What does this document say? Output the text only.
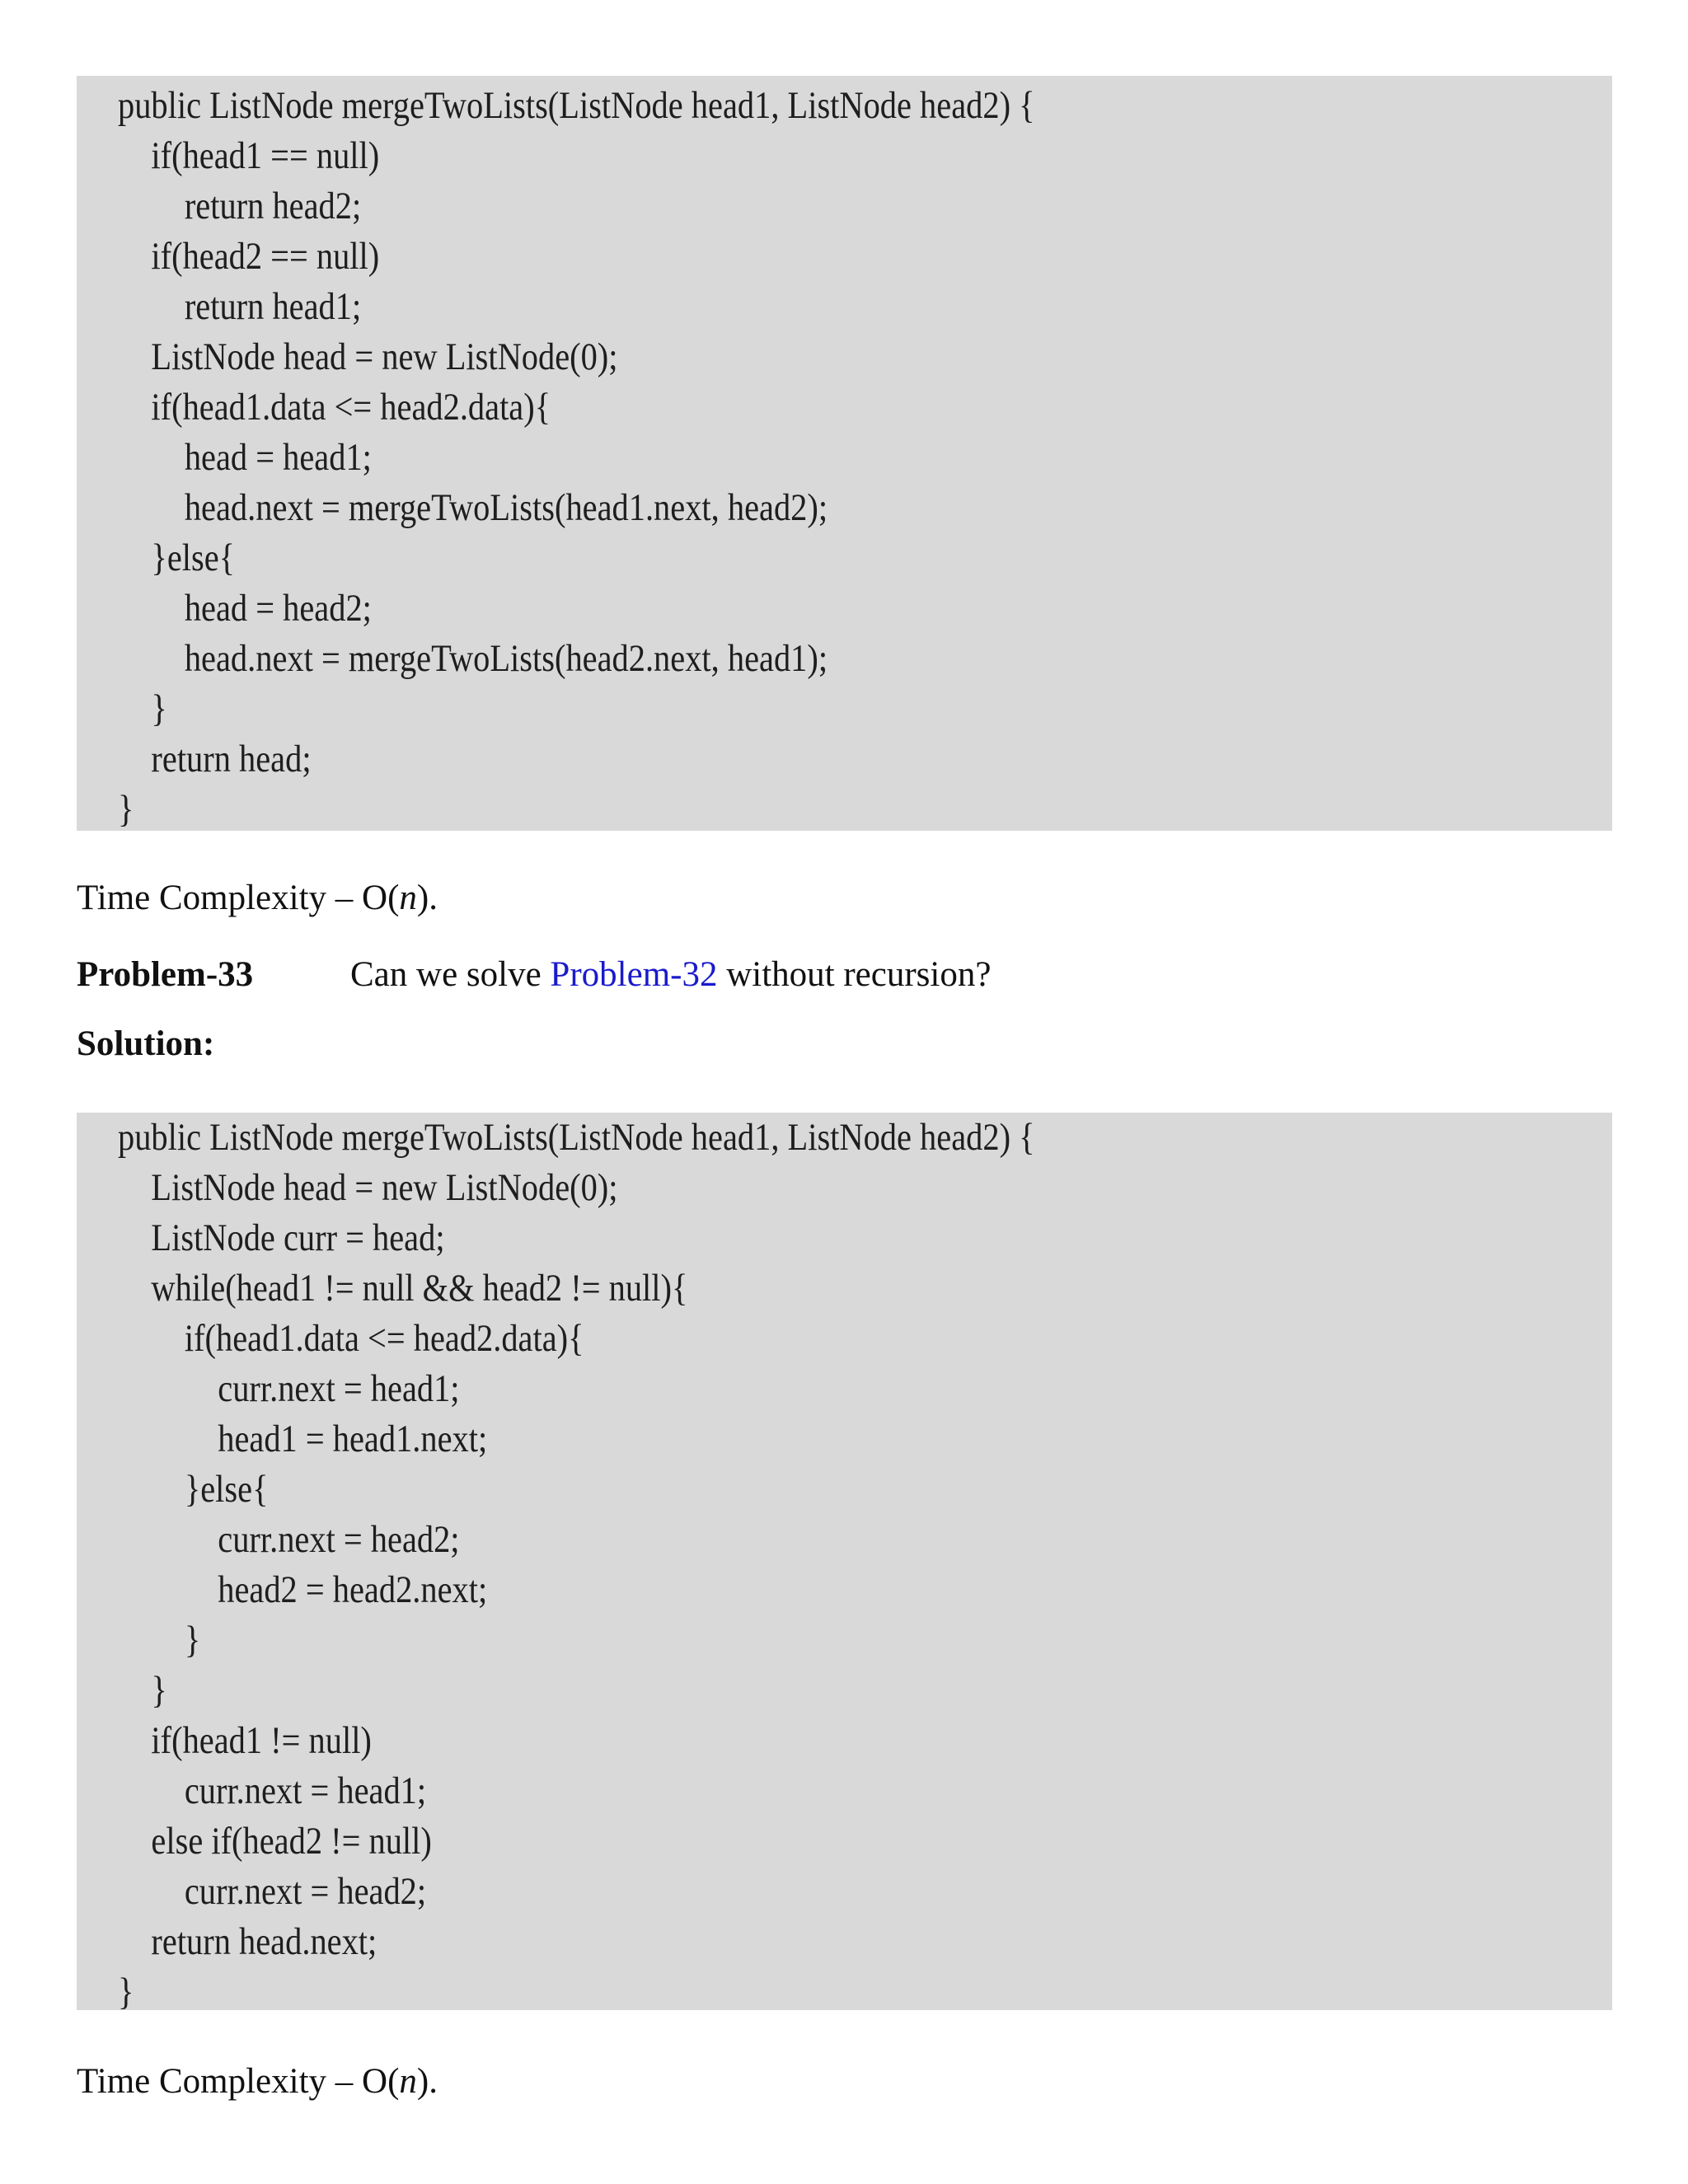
public ListNode mergeTwoLists(ListNode head1, ListNode head2) {
if(head1 == null)
return head2;
if(head2 == null)
return head1;
ListNode head = new ListNode(0);
if(head1.data <= head2.data){
head = head1;
head.next = mergeTwoLists(head1.next, head2);
}else{
head = head2;
head.next = mergeTwoLists(head2.next, head1);
}
return head;
}
Time Complexity – O(n).
Problem-33	Can we solve Problem-32 without recursion?
Solution:
public ListNode mergeTwoLists(ListNode head1, ListNode head2) {
ListNode head = new ListNode(0);
ListNode curr = head;
while(head1 != null && head2 != null){
if(head1.data <= head2.data){
curr.next = head1;
head1 = head1.next;
}else{
curr.next = head2;
head2 = head2.next;
}
}
if(head1 != null)
curr.next = head1;
else if(head2 != null)
curr.next = head2;
return head.next;
}
Time Complexity – O(n).
